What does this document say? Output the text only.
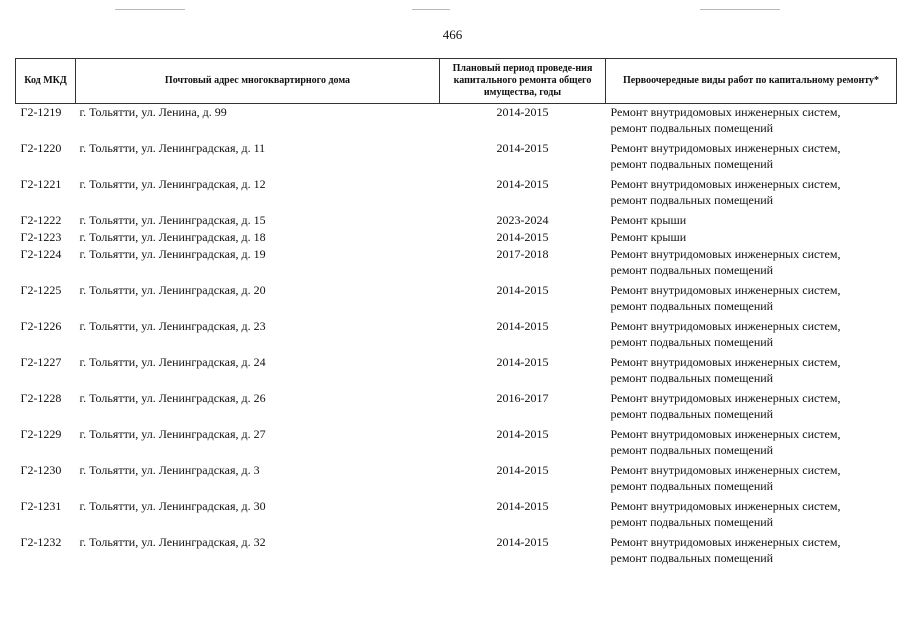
466
Код МКД	Почтовый адрес многоквартирного дома	Плановый период проведе-ния капитального ремонта общего имущества, годы	Первоочередные виды работ по капитальному ремонту*
Г2-1219	г. Тольятти, ул. Ленина, д. 99	2014-2015	Ремонт внутридомовых инженерных систем,
ремонт подвальных помещений

Г2-1220	г. Тольятти, ул. Ленинградская, д. 11	2014-2015	Ремонт внутридомовых инженерных систем,
ремонт подвальных помещений

Г2-1221	г. Тольятти, ул. Ленинградская, д. 12	2014-2015	Ремонт внутридомовых инженерных систем,
ремонт подвальных помещений

Г2-1222	г. Тольятти, ул. Ленинградская, д. 15	2023-2024	Ремонт крыши

Г2-1223	г. Тольятти, ул. Ленинградская, д. 18	2014-2015	Ремонт крыши

Г2-1224	г. Тольятти, ул. Ленинградская, д. 19	2017-2018	Ремонт внутридомовых инженерных систем,
ремонт подвальных помещений

Г2-1225	г. Тольятти, ул. Ленинградская, д. 20	2014-2015	Ремонт внутридомовых инженерных систем,
ремонт подвальных помещений

Г2-1226	г. Тольятти, ул. Ленинградская, д. 23	2014-2015	Ремонт внутридомовых инженерных систем,
ремонт подвальных помещений

Г2-1227	г. Тольятти, ул. Ленинградская, д. 24	2014-2015	Ремонт внутридомовых инженерных систем,
ремонт подвальных помещений

Г2-1228	г. Тольятти, ул. Ленинградская, д. 26	2016-2017	Ремонт внутридомовых инженерных систем,
ремонт подвальных помещений

Г2-1229	г. Тольятти, ул. Ленинградская, д. 27	2014-2015	Ремонт внутридомовых инженерных систем,
ремонт подвальных помещений

Г2-1230	г. Тольятти, ул. Ленинградская, д. 3	2014-2015	Ремонт внутридомовых инженерных систем,
ремонт подвальных помещений

Г2-1231	г. Тольятти, ул. Ленинградская, д. 30	2014-2015	Ремонт внутридомовых инженерных систем,
ремонт подвальных помещений

Г2-1232	г. Тольятти, ул. Ленинградская, д. 32	2014-2015	Ремонт внутридомовых инженерных систем,
ремонт подвальных помещений
